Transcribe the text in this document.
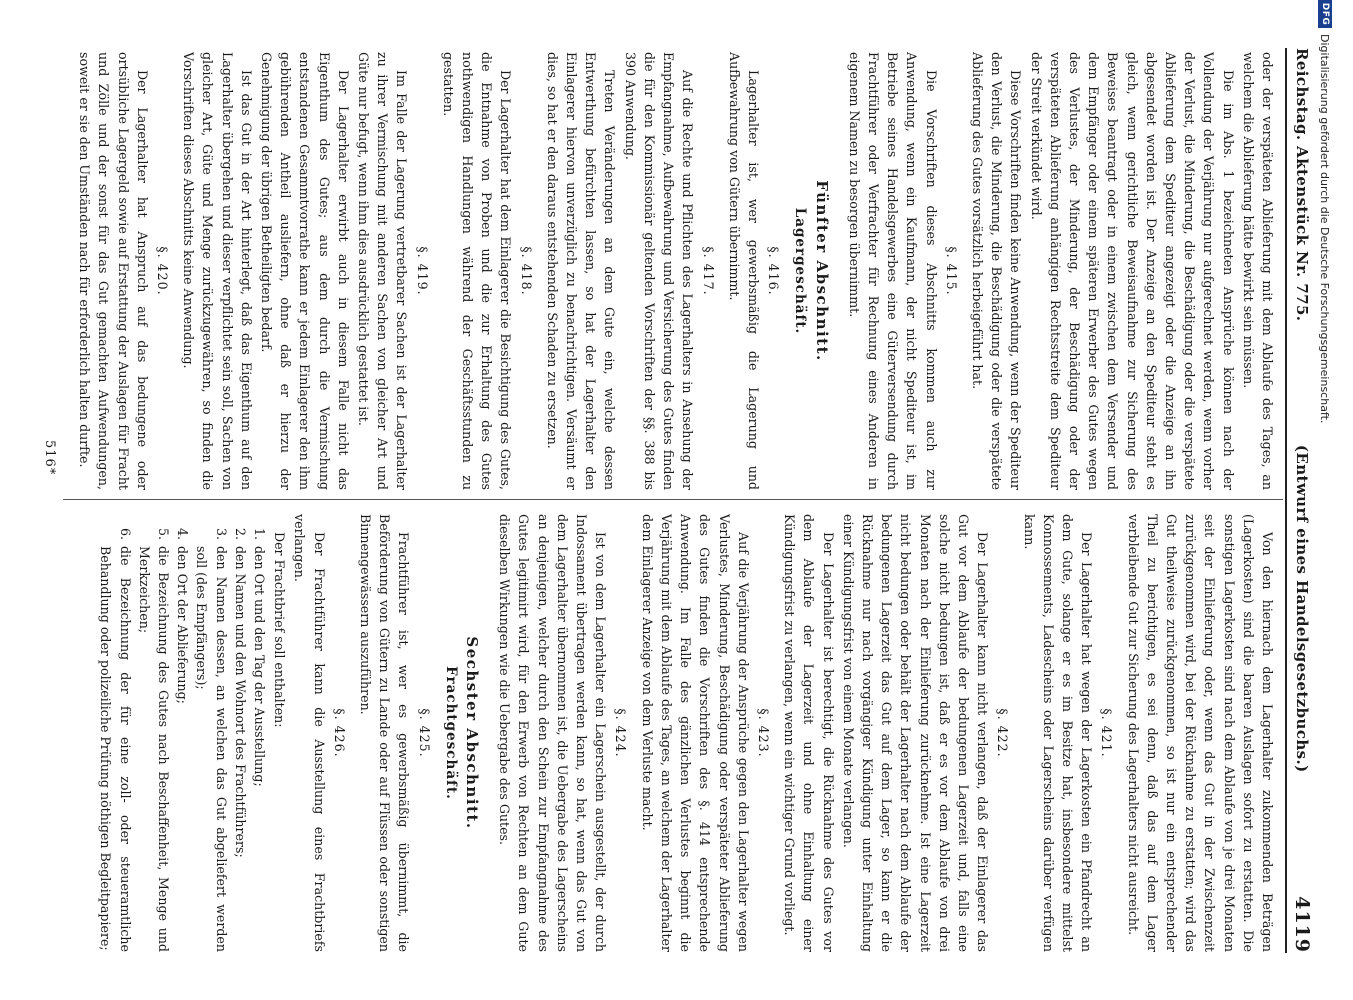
Reichstag. Aktenstück Nr. 775.
(Entwurf eines Handelsgesetzbuchs.)
4119

oder der verspäteten Ablieferung mit dem Ablaufe des Tages, an welchem die Ablieferung hätte bewirkt sein müssen.

Die im Abs. 1 bezeichneten Ansprüche können nach der Vollendung der Verjährung nur aufgerechnet werden, wenn vorher der Verlust, die Minderung, die Beschädigung oder die verspätete Ablieferung dem Spediteur angezeigt oder die Anzeige an ihn abgesendet worden ist. Der Anzeige an den Spediteur steht es gleich, wenn gerichtliche Beweisaufnahme zur Sicherung des Beweises beantragt oder in einem zwischen dem Versender und dem Empfänger oder einem späteren Erwerber des Gutes wegen des Verlustes, der Minderung, der Beschädigung oder der verspäteten Ablieferung anhängigen Rechtsstreite dem Spediteur der Streit verkündet wird.

Diese Vorschriften finden keine Anwendung, wenn der Spediteur den Verlust, die Minderung, die Beschädigung oder die verspätete Ablieferung des Gutes vorsätzlich herbeigeführt hat.

§. 415.

Die Vorschriften dieses Abschnitts kommen auch zur Anwendung, wenn ein Kaufmann, der nicht Spediteur ist, im Betriebe seines Handelsgewerbes eine Güterversendung durch Frachtführer oder Verfrachter für Rechnung eines Anderen in eigenem Namen zu besorgen übernimmt.

Fünfter Abschnitt.
Lagergeschäft.
§. 416.

Lagerhalter ist, wer gewerbsmäßig die Lagerung und Aufbewahrung von Gütern übernimmt.

§. 417.

Auf die Rechte und Pflichten des Lagerhalters in Ansehung der Empfangnahme, Aufbewahrung und Versicherung des Gutes finden die für den Kommissionär geltenden Vorschriften der §§. 388 bis 390 Anwendung.

Treten Veränderungen an dem Gute ein, welche dessen Entwerthung befürchten lassen, so hat der Lagerhalter den Einlagerer hiervon unverzüglich zu benachrichtigen. Versäumt er dies, so hat er den daraus entstehenden Schaden zu ersetzen.

§. 418.

Der Lagerhalter hat dem Einlagerer die Besichtigung des Gutes, die Entnahme von Proben und die zur Erhaltung des Gutes nothwendigen Handlungen während der Geschäftsstunden zu gestatten.

§. 419.

Im Falle der Lagerung vertretbarer Sachen ist der Lagerhalter zu ihrer Vermischung mit anderen Sachen von gleicher Art und Güte nur befugt, wenn ihm dies ausdrücklich gestattet ist.

Der Lagerhalter erwirbt auch in diesem Falle nicht das Eigenthum des Gutes; aus dem durch die Vermischung entstandenen Gesammtvorrathe kann er jedem Einlagerer den ihm gebührenden Antheil ausliefern, ohne daß er hierzu der Genehmigung der übrigen Betheiligten bedarf.

Ist das Gut in der Art hinterlegt, daß das Eigenthum auf den Lagerhalter übergehen und dieser verpflichtet sein soll, Sachen von gleicher Art, Güte und Menge zurückzugewähren, so finden die Vorschriften dieses Abschnitts keine Anwendung.

§. 420.

Der Lagerhalter hat Anspruch auf das bedungene oder ortsübliche Lagergeld sowie auf Erstattung der Auslagen für Fracht und Zölle und der sonst für das Gut gemachten Aufwendungen, soweit er sie den Umständen nach für erforderlich halten durfte.

Von den hiernach dem Lagerhalter zukommenden Beträgen (Lagerkosten) sind die baaren Auslagen sofort zu erstatten. Die sonstigen Lagerkosten sind nach dem Ablaufe von je drei Monaten seit der Einlieferung oder, wenn das Gut in der Zwischenzeit zurückgenommen wird, bei der Rücknahme zu erstatten; wird das Gut theilweise zurückgenommen, so ist nur ein entsprechender Theil zu berichtigen, es sei denn, daß das auf dem Lager verbleibende Gut zur Sicherung des Lagerhalters nicht ausreicht.

§. 421.

Der Lagerhalter hat wegen der Lagerkosten ein Pfandrecht an dem Gute, solange er es im Besitze hat, insbesondere mittelst Konnossements, Ladescheins oder Lagerscheins darüber verfügen kann.

§. 422.

Der Lagerhalter kann nicht verlangen, daß der Einlagerer das Gut vor dem Ablaufe der bedungenen Lagerzeit und, falls eine solche nicht bedungen ist, daß er es vor dem Ablaufe von drei Monaten nach der Einlieferung zurücknehme. Ist eine Lagerzeit nicht bedungen oder behält der Lagerhalter nach dem Ablaufe der bedungenen Lagerzeit das Gut auf dem Lager, so kann er die Rücknahme nur nach vorgängiger Kündigung unter Einhaltung einer Kündigungsfrist von einem Monate verlangen.

Der Lagerhalter ist berechtigt, die Rücknahme des Gutes vor dem Ablaufe der Lagerzeit und ohne Einhaltung einer Kündigungsfrist zu verlangen, wenn ein wichtiger Grund vorliegt.

§. 423.

Auf die Verjährung der Ansprüche gegen den Lagerhalter wegen Verlustes, Minderung, Beschädigung oder verspäteter Ablieferung des Gutes finden die Vorschriften des §. 414 entsprechende Anwendung. Im Falle des gänzlichen Verlustes beginnt die Verjährung mit dem Ablaufe des Tages, an welchem der Lagerhalter dem Einlagerer Anzeige von dem Verluste macht.

§. 424.

Ist von dem Lagerhalter ein Lagerschein ausgestellt, der durch Indossament übertragen werden kann, so hat, wenn das Gut von dem Lagerhalter übernommen ist, die Uebergabe des Lagerscheins an denjenigen, welcher durch den Schein zur Empfangnahme des Gutes legitimirt wird, für den Erwerb von Rechten an dem Gute dieselben Wirkungen wie die Uebergabe des Gutes.

Sechster Abschnitt.
Frachtgeschäft.
§. 425.

Frachtführer ist, wer es gewerbsmäßig übernimmt, die Beförderung von Gütern zu Lande oder auf Flüssen oder sonstigen Binnengewässern auszuführen.

§. 426.

Der Frachtführer kann die Ausstellung eines Frachtbriefs verlangen.

Der Frachtbrief soll enthalten:

1.
den Ort und den Tag der Ausstellung;
2.
den Namen und den Wohnort des Frachtführers;
3.
den Namen dessen, an welchen das Gut abgeliefert werden soll (des Empfängers);
4.
den Ort der Ablieferung;
5.
die Bezeichnung des Gutes nach Beschaffenheit, Menge und Merkzeichen;
6.
die Bezeichnung der für eine zoll- oder steueramtliche Behandlung oder polizeiliche Prüfung nöthigen Begleitpapiere;
516*
DFG
Digitalisierung gefördert durch die Deutsche Forschungsgemeinschaft.
